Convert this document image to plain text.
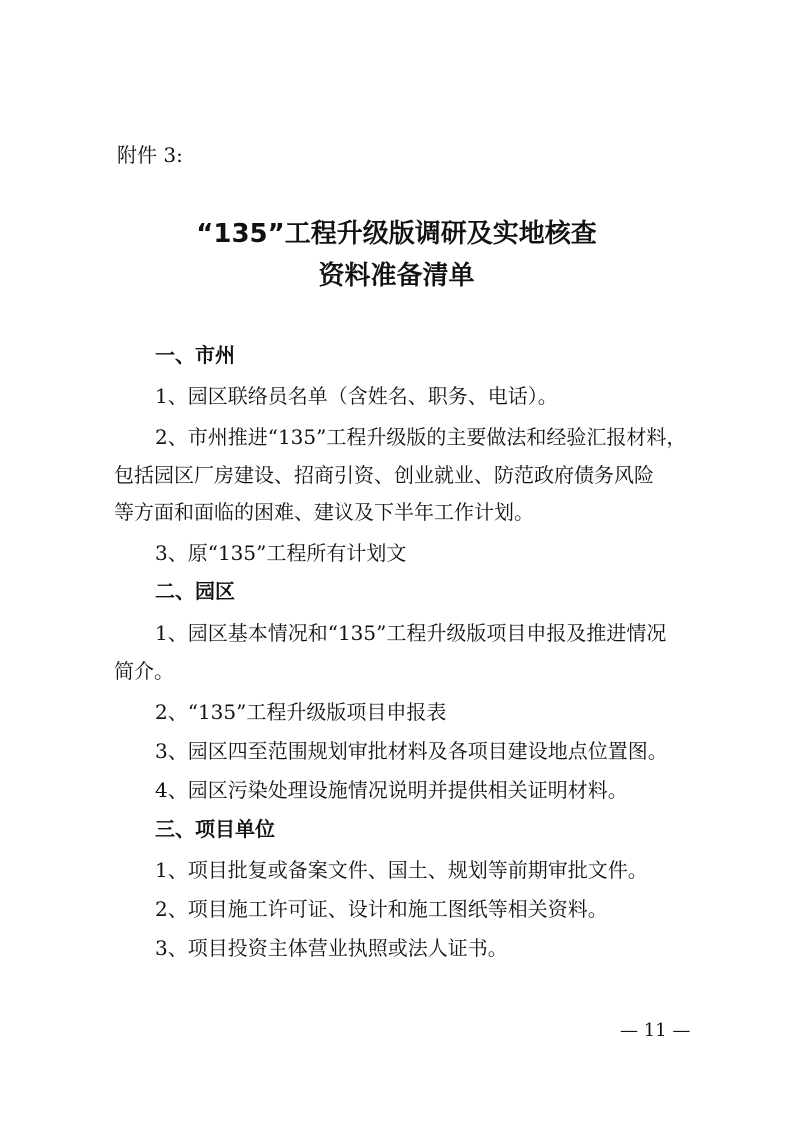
附件 3:
“135”工程升级版调研及实地核查
资料准备清单
一、市州
1、园区联络员名单（含姓名、职务、电话）。
2、市州推进“135”工程升级版的主要做法和经验汇报材料，
包括园区厂房建设、招商引资、创业就业、防范政府债务风险
等方面和面临的困难、建议及下半年工作计划。
3、原“135”工程所有计划文
二、园区
1、园区基本情况和“135”工程升级版项目申报及推进情况
简介。
2、“135”工程升级版项目申报表
3、园区四至范围规划审批材料及各项目建设地点位置图。
4、园区污染处理设施情况说明并提供相关证明材料。
三、项目单位
1、项目批复或备案文件、国土、规划等前期审批文件。
2、项目施工许可证、设计和施工图纸等相关资料。
3、项目投资主体营业执照或法人证书。
— 11 —
